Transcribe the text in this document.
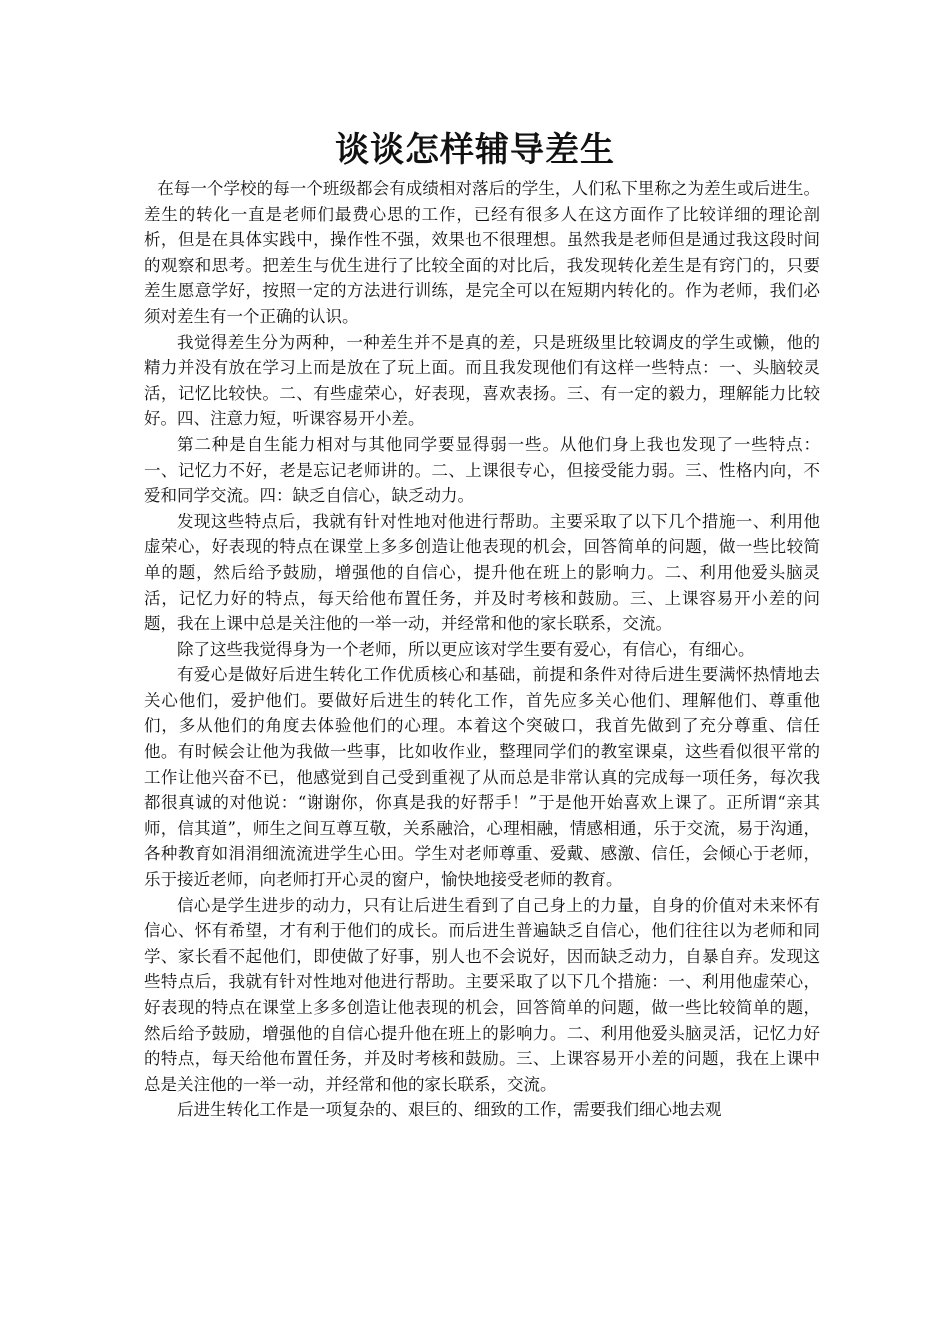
谈谈怎样辅导差生

在每一个学校的每一个班级都会有成绩相对落后的学生，人们私下里称之为差生或后进生。差生的转化一直是老师们最费心思的工作，已经有很多人在这方面作了比较详细的理论剖析，但是在具体实践中，操作性不强，效果也不很理想。虽然我是老师但是通过我这段时间的观察和思考。把差生与优生进行了比较全面的对比后，我发现转化差生是有窍门的，只要差生愿意学好，按照一定的方法进行训练，是完全可以在短期内转化的。作为老师，我们必须对差生有一个正确的认识。

我觉得差生分为两种，一种差生并不是真的差，只是班级里比较调皮的学生或懒，他的精力并没有放在学习上而是放在了玩上面。而且我发现他们有这样一些特点：一、头脑较灵活，记忆比较快。二、有些虚荣心，好表现，喜欢表扬。三、有一定的毅力，理解能力比较好。四、注意力短，听课容易开小差。

第二种是自生能力相对与其他同学要显得弱一些。从他们身上我也发现了一些特点：一、记忆力不好，老是忘记老师讲的。二、上课很专心，但接受能力弱。三、性格内向，不爱和同学交流。四：缺乏自信心，缺乏动力。

发现这些特点后，我就有针对性地对他进行帮助。主要采取了以下几个措施一、利用他虚荣心，好表现的特点在课堂上多多创造让他表现的机会，回答简单的问题，做一些比较简单的题，然后给予鼓励，增强他的自信心，提升他在班上的影响力。二、利用他爱头脑灵活，记忆力好的特点，每天给他布置任务，并及时考核和鼓励。三、上课容易开小差的问题，我在上课中总是关注他的一举一动，并经常和他的家长联系，交流。

除了这些我觉得身为一个老师，所以更应该对学生要有爱心，有信心，有细心。

有爱心是做好后进生转化工作优质核心和基础，前提和条件对待后进生要满怀热情地去关心他们，爱护他们。要做好后进生的转化工作，首先应多关心他们、理解他们、尊重他们，多从他们的角度去体验他们的心理。本着这个突破口，我首先做到了充分尊重、信任他。有时候会让他为我做一些事，比如收作业，整理同学们的教室课桌，这些看似很平常的工作让他兴奋不已，他感觉到自己受到重视了从而总是非常认真的完成每一项任务，每次我都很真诚的对他说：“谢谢你，你真是我的好帮手！”于是他开始喜欢上课了。正所谓“亲其师，信其道”，师生之间互尊互敬，关系融洽，心理相融，情感相通，乐于交流，易于沟通，各种教育如涓涓细流流进学生心田。学生对老师尊重、爱戴、感激、信任，会倾心于老师，乐于接近老师，向老师打开心灵的窗户，愉快地接受老师的教育。

信心是学生进步的动力，只有让后进生看到了自己身上的力量，自身的价值对未来怀有信心、怀有希望，才有利于他们的成长。而后进生普遍缺乏自信心，他们往往以为老师和同学、家长看不起他们，即使做了好事，别人也不会说好，因而缺乏动力，自暴自弃。发现这些特点后，我就有针对性地对他进行帮助。主要采取了以下几个措施：一、利用他虚荣心，好表现的特点在课堂上多多创造让他表现的机会，回答简单的问题，做一些比较简单的题，然后给予鼓励，增强他的自信心提升他在班上的影响力。二、利用他爱头脑灵活，记忆力好的特点，每天给他布置任务，并及时考核和鼓励。三、上课容易开小差的问题，我在上课中总是关注他的一举一动，并经常和他的家长联系，交流。

后进生转化工作是一项复杂的、艰巨的、细致的工作，需要我们细心地去观
